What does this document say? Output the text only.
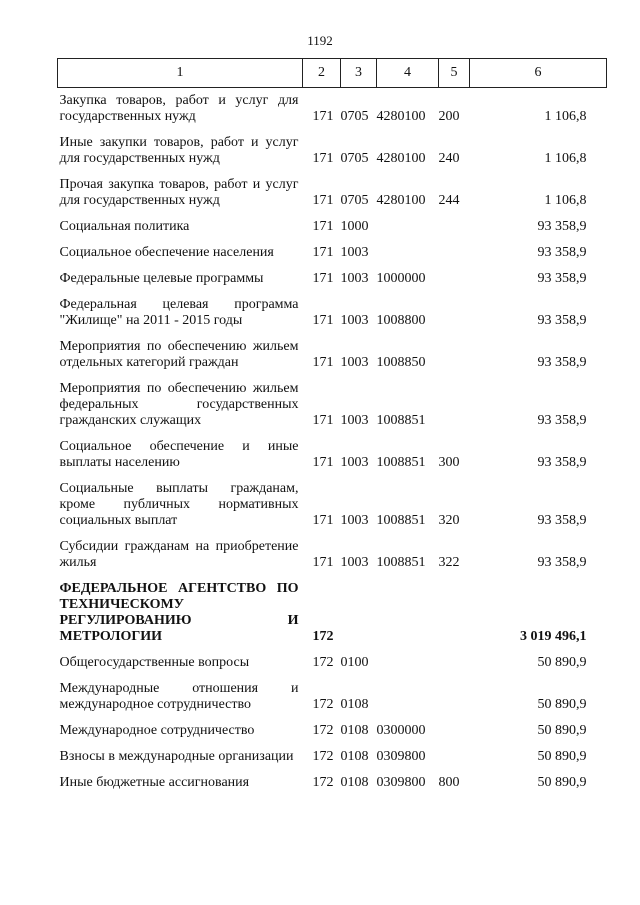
1192
1	2	3	4	5	6
Закупка товаров, работ и услуг для государственных нужд	171	0705	4280100	200	1 106,8
Иные закупки товаров, работ и услуг для государственных нужд	171	0705	4280100	240	1 106,8
Прочая закупка товаров, работ и услуг для государственных нужд	171	0705	4280100	244	1 106,8
Социальная политика	171	1000			93 358,9
Социальное обеспечение населения	171	1003			93 358,9
Федеральные целевые программы	171	1003	1000000		93 358,9
Федеральная целевая программа "Жилище" на 2011 - 2015 годы	171	1003	1008800		93 358,9
Мероприятия по обеспечению жильем отдельных категорий граждан	171	1003	1008850		93 358,9
Мероприятия по обеспечению жильем федеральных государственных гражданских служащих	171	1003	1008851		93 358,9
Социальное обеспечение и иные выплаты населению	171	1003	1008851	300	93 358,9
Социальные выплаты гражданам, кроме публичных нормативных социальных выплат	171	1003	1008851	320	93 358,9
Субсидии гражданам на приобретение жилья	171	1003	1008851	322	93 358,9
ФЕДЕРАЛЬНОЕ АГЕНТСТВО ПО ТЕХНИЧЕСКОМУ РЕГУЛИРОВАНИЮ И МЕТРОЛОГИИ	172				3 019 496,1
Общегосударственные вопросы	172	0100			50 890,9
Международные отношения и международное сотрудничество	172	0108			50 890,9
Международное сотрудничество	172	0108	0300000		50 890,9
Взносы в международные организации	172	0108	0309800		50 890,9
Иные бюджетные ассигнования	172	0108	0309800	800	50 890,9
